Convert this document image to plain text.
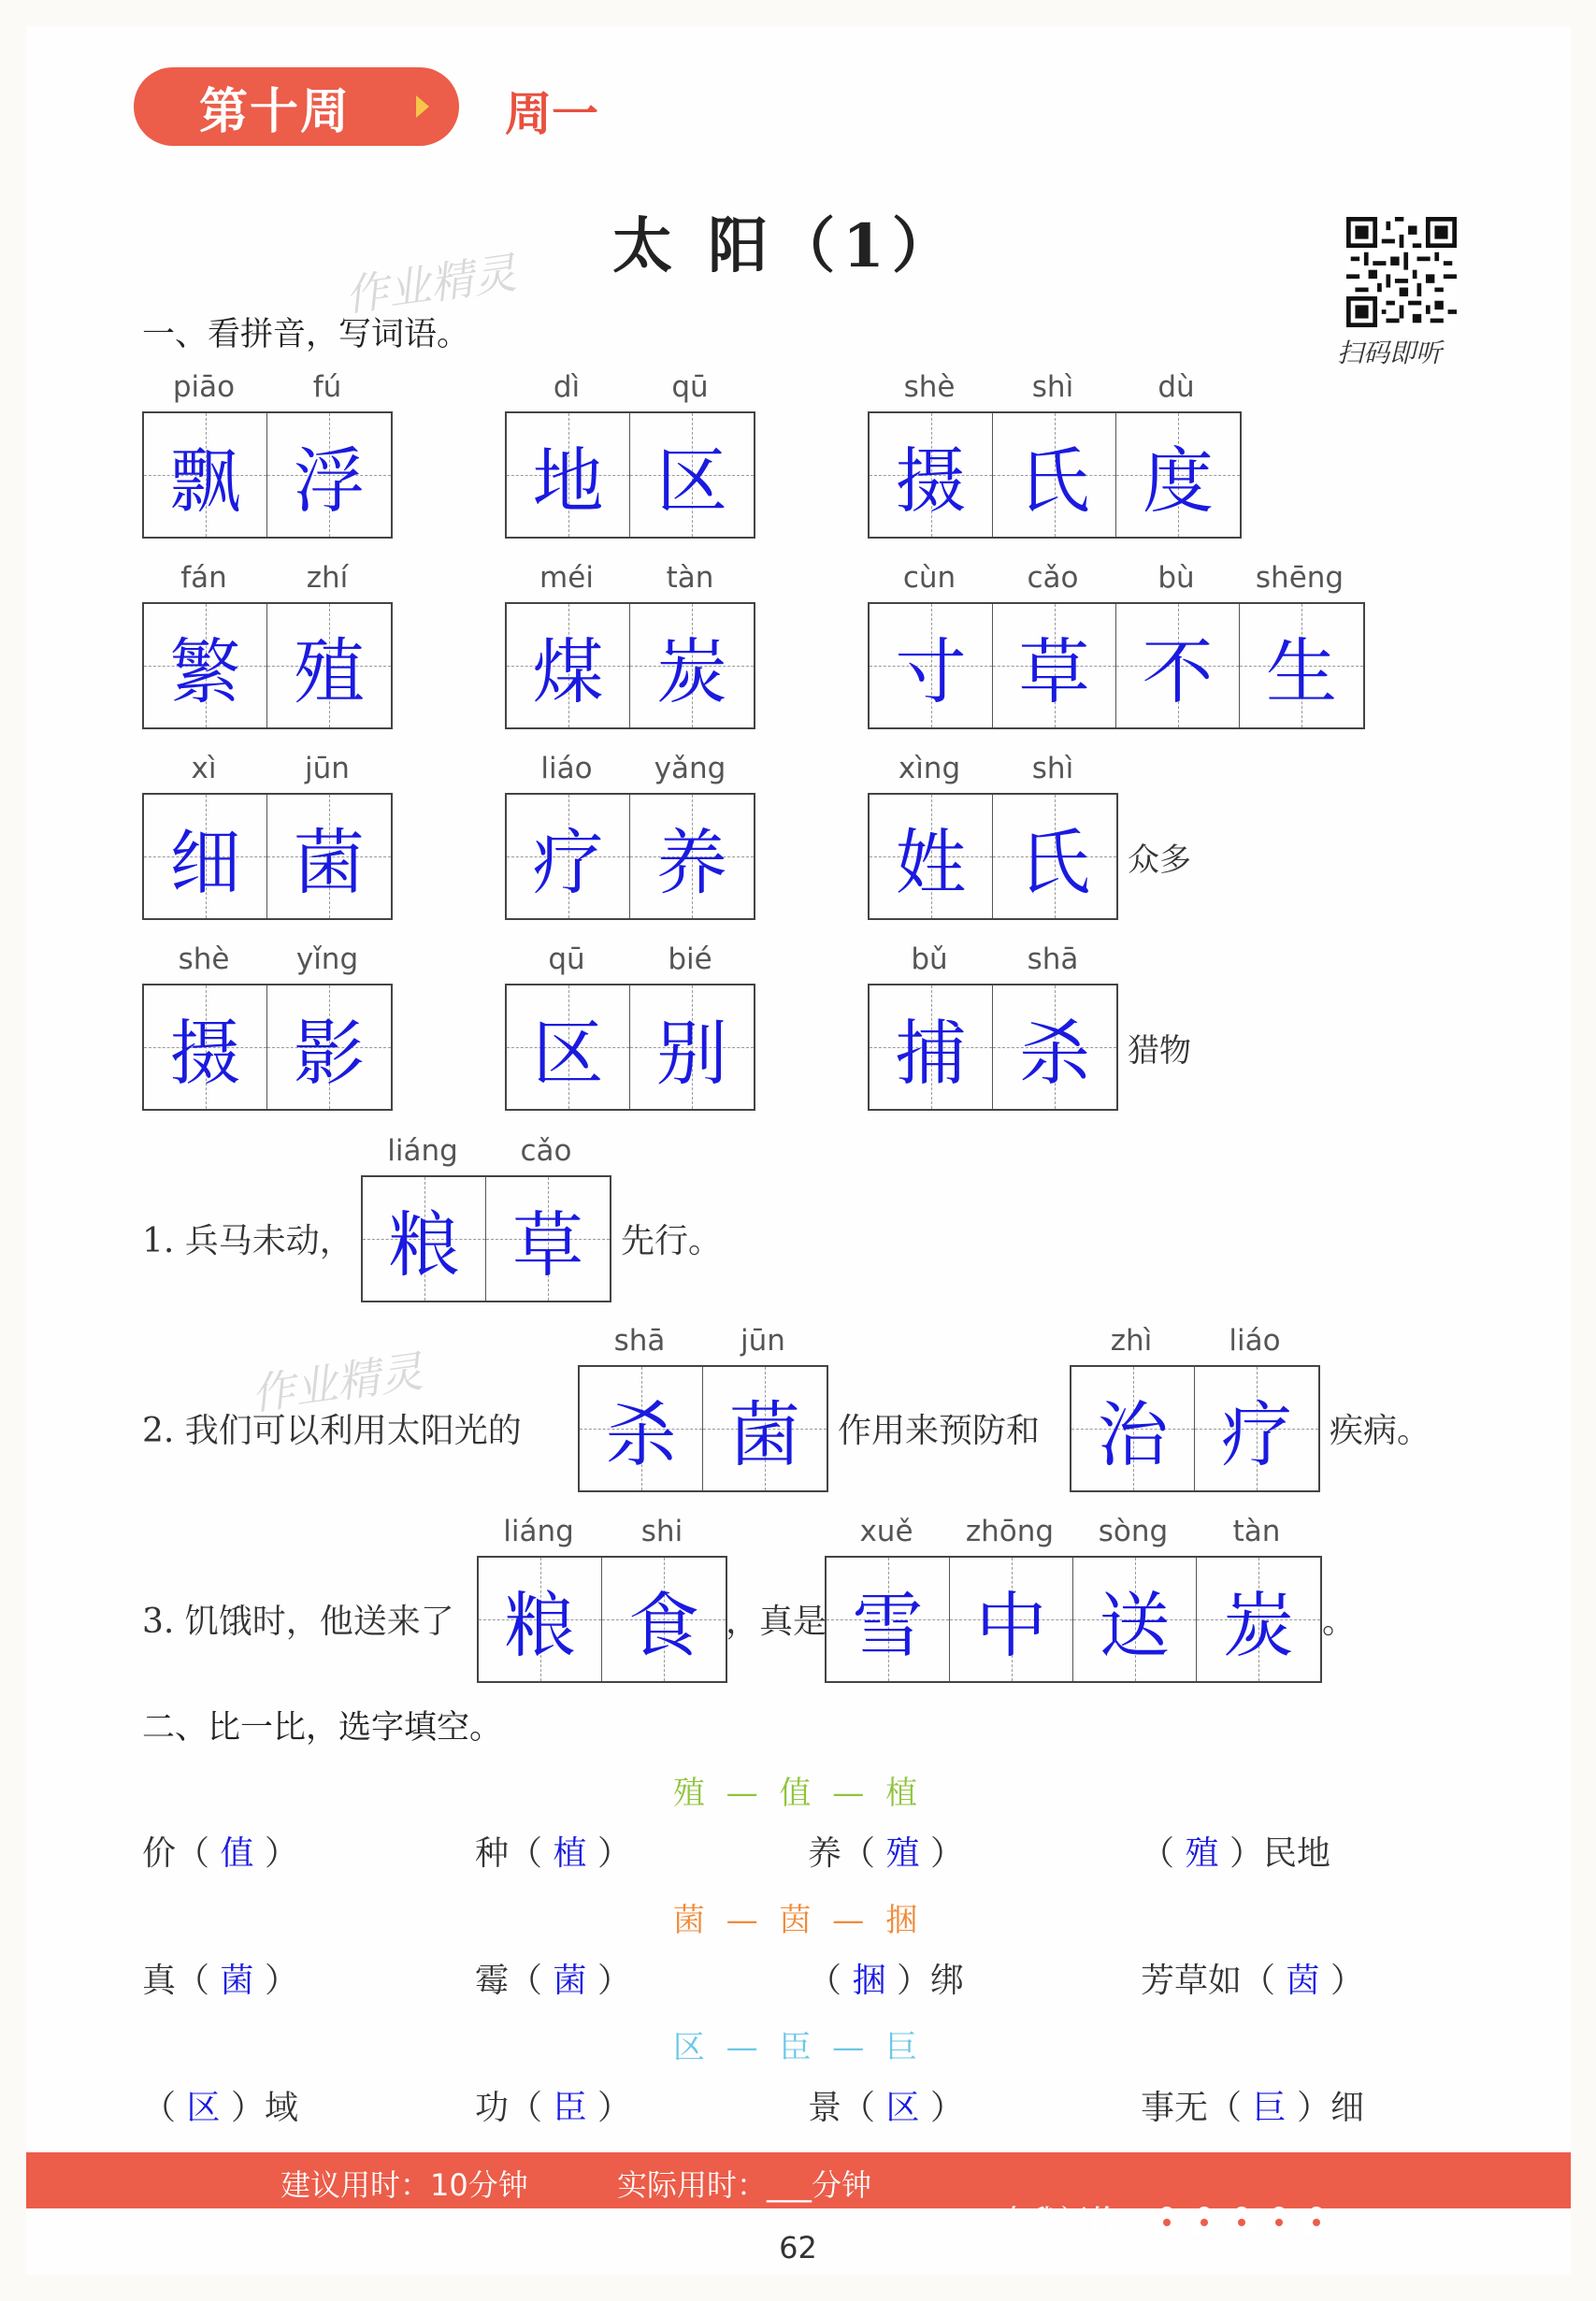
第十周	周一
太 阳（1）
扫码即听
作业精灵
作业精灵
一、看拼音，写词语。
piāo	fú
飘 浮
dì	qū
地 区
shè	shì	dù
摄 氏 度
fán	zhí
繁 殖
méi	tàn
煤 炭
cùn	cǎo	bù	shēng
寸 草 不 生
xì	jūn
细 菌
liáo	yǎng
疗 养
xìng	shì
姓 氏 众多
shè	yǐng
摄 影
qū	bié
区 别
bǔ	shā
捕 杀 猎物
1. 兵马未动，
liáng	cǎo
粮 草 先行。
2. 我们可以利用太阳光的
shā	jūn
杀 菌
zhì	liáo
治 疗
作用来预防和	疾病。
3. 饥饿时，他送来了
liáng	shi
粮 食
xuě	zhōng	sòng	tàn
雪 中 送 炭
，真是	。
二、比一比，选字填空。
殖 — 值 — 植
价（ 值 ）	种（ 植 ）	养（ 殖 ）	（ 殖 ）民地
菌 — 茵 — 捆
真（ 菌 ）	霉（ 菌 ）	（ 捆 ）绑	芳草如（ 茵 ）
区 — 臣 — 巨
（ 区 ）域	功（ 臣 ）	景（ 区 ）	事无（ 巨 ）细
建议用时：10分钟	实际用时：___分钟

自我评价：

62
